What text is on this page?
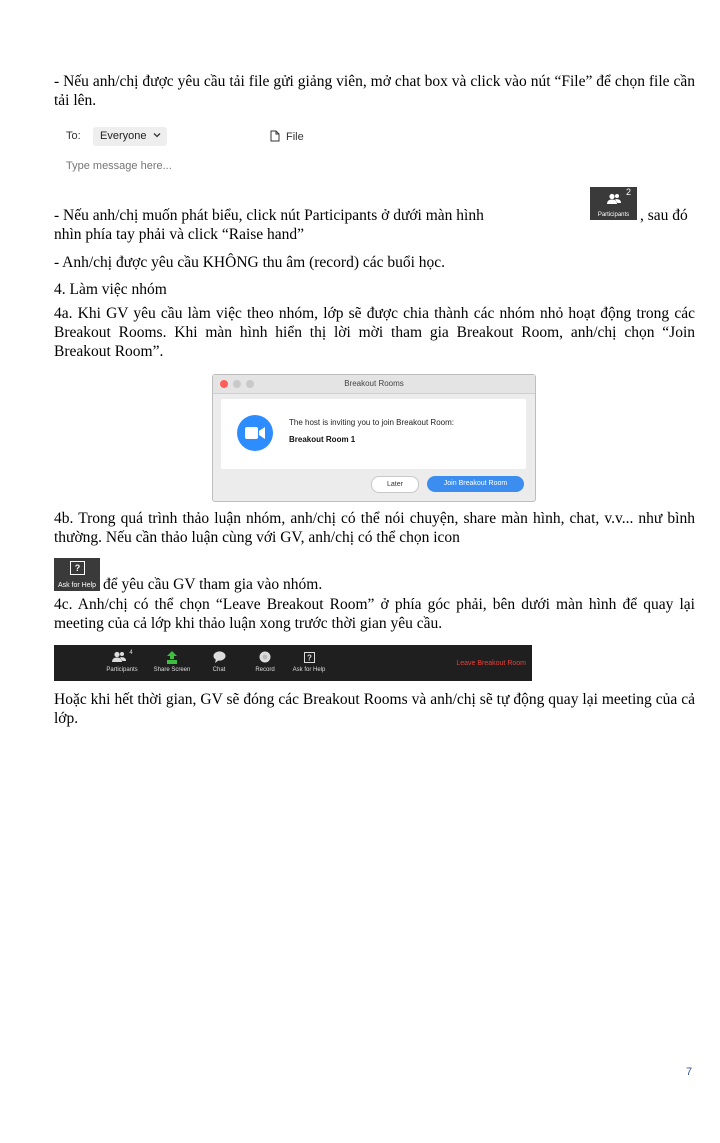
- Nếu anh/chị được yêu cầu tải file gửi giảng viên, mở chat box và click vào nút “File” để chọn file cần tải lên.
To: Everyone	File
Type message here...
- Nếu anh/chị muốn phát biểu, click nút Participants ở dưới màn hình
2
Participants , sau đó
nhìn phía tay phải và click “Raise hand”
- Anh/chị được yêu cầu KHÔNG thu âm (record) các buổi học.
4. Làm việc nhóm
4a. Khi GV yêu cầu làm việc theo nhóm, lớp sẽ được chia thành các nhóm nhỏ hoạt động trong các Breakout Rooms. Khi màn hình hiển thị lời mời tham gia Breakout Room, anh/chị chọn “Join Breakout Room”.
Breakout Rooms
The host is inviting you to join Breakout Room:
Breakout Room 1
Later	Join Breakout Room
4b. Trong quá trình thảo luận nhóm, anh/chị có thể nói chuyện, share màn hình, chat, v.v... như bình thường. Nếu cần thảo luận cùng với GV, anh/chị có thể chọn icon
?
Ask for Help để yêu cầu GV tham gia vào nhóm.
4c. Anh/chị có thể chọn “Leave Breakout Room” ở phía góc phải, bên dưới màn hình để quay lại meeting của cả lớp khi thảo luận xong trước thời gian yêu cầu.
4
Participants	Share Screen	Chat	Record
?
Ask for Help
Leave Breakout Room
Hoặc khi hết thời gian, GV sẽ đóng các Breakout Rooms và anh/chị sẽ tự động quay lại meeting của cả lớp.
7
